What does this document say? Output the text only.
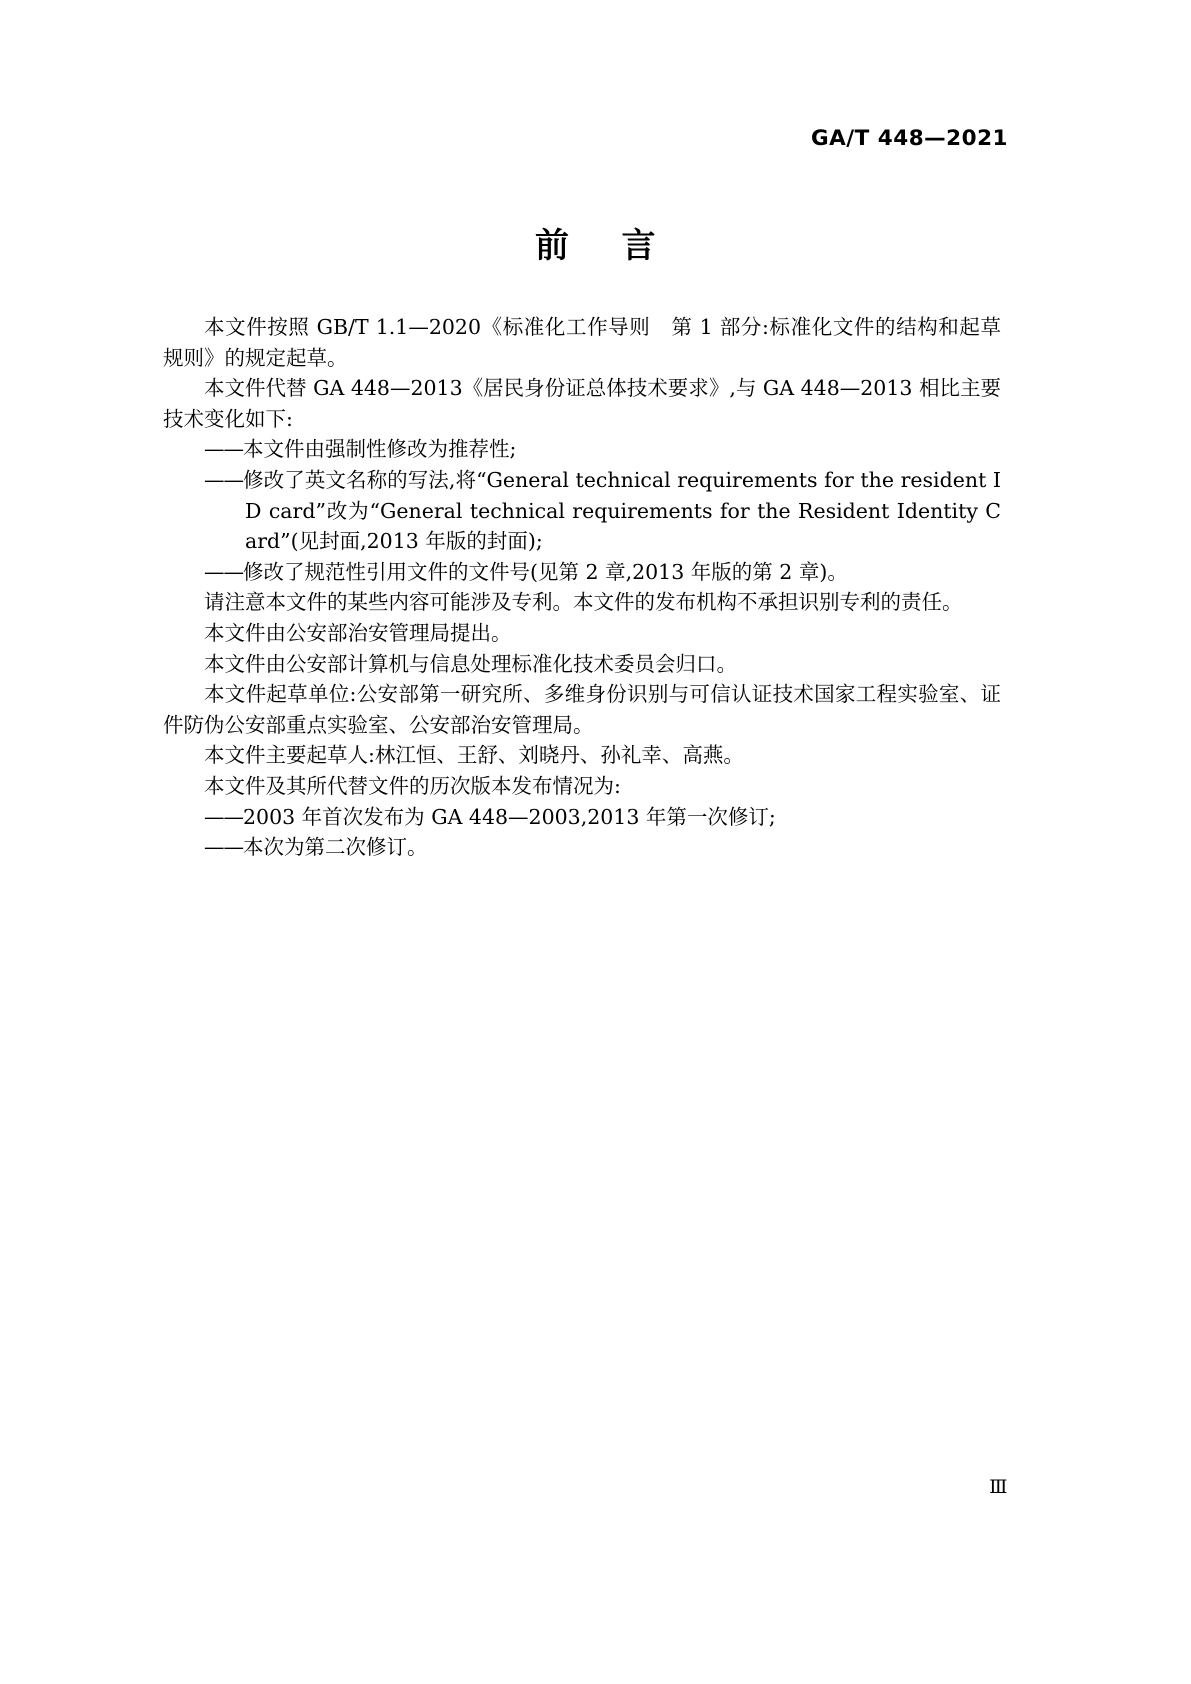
GA/T 448—2021
前 言

本文件按照 GB/T 1.1—2020《标准化工作导则　第 1 部分:标准化文件的结构和起草规则》的规定起草。

本文件代替 GA 448—2013《居民身份证总体技术要求》,与 GA 448—2013 相比主要技术变化如下:

——本文件由强制性修改为推荐性;

——修改了英文名称的写法,将“General technical requirements for the resident ID card”改为“General technical requirements for the Resident Identity Card”(见封面,2013 年版的封面);

——修改了规范性引用文件的文件号(见第 2 章,2013 年版的第 2 章)。

请注意本文件的某些内容可能涉及专利。本文件的发布机构不承担识别专利的责任。

本文件由公安部治安管理局提出。

本文件由公安部计算机与信息处理标准化技术委员会归口。

本文件起草单位:公安部第一研究所、多维身份识别与可信认证技术国家工程实验室、证件防伪公安部重点实验室、公安部治安管理局。

本文件主要起草人:林江恒、王舒、刘晓丹、孙礼幸、高燕。

本文件及其所代替文件的历次版本发布情况为:

——2003 年首次发布为 GA 448—2003,2013 年第一次修订;

——本次为第二次修订。

Ⅲ
